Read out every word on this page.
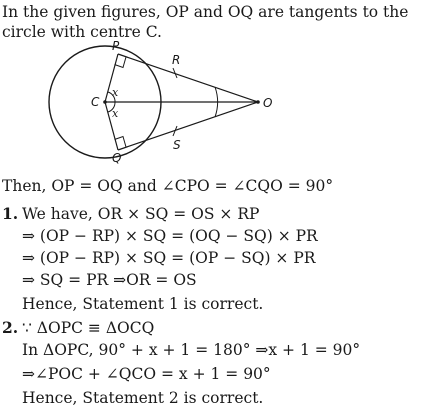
In the given figures, OP and OQ are tangents to the
circle with centre C.
P
Q
R
S
O
C
x
x
Then, OP = OQ and ∠CPO = ∠CQO = 90°
1. We have, OR × SQ = OS × RP
⇒ (OP − RP) × SQ = (OQ − SQ) × PR
⇒ (OP − RP) × SQ = (OP − SQ) × PR
⇒ SQ = PR ⇒OR = OS
Hence, Statement 1 is correct.
2. ∵ ΔOPC ≡ ΔOCQ
In ΔOPC, 90° + x + 1 = 180° ⇒x + 1 = 90°
⇒∠POC + ∠QCO = x + 1 = 90°
Hence, Statement 2 is correct.
